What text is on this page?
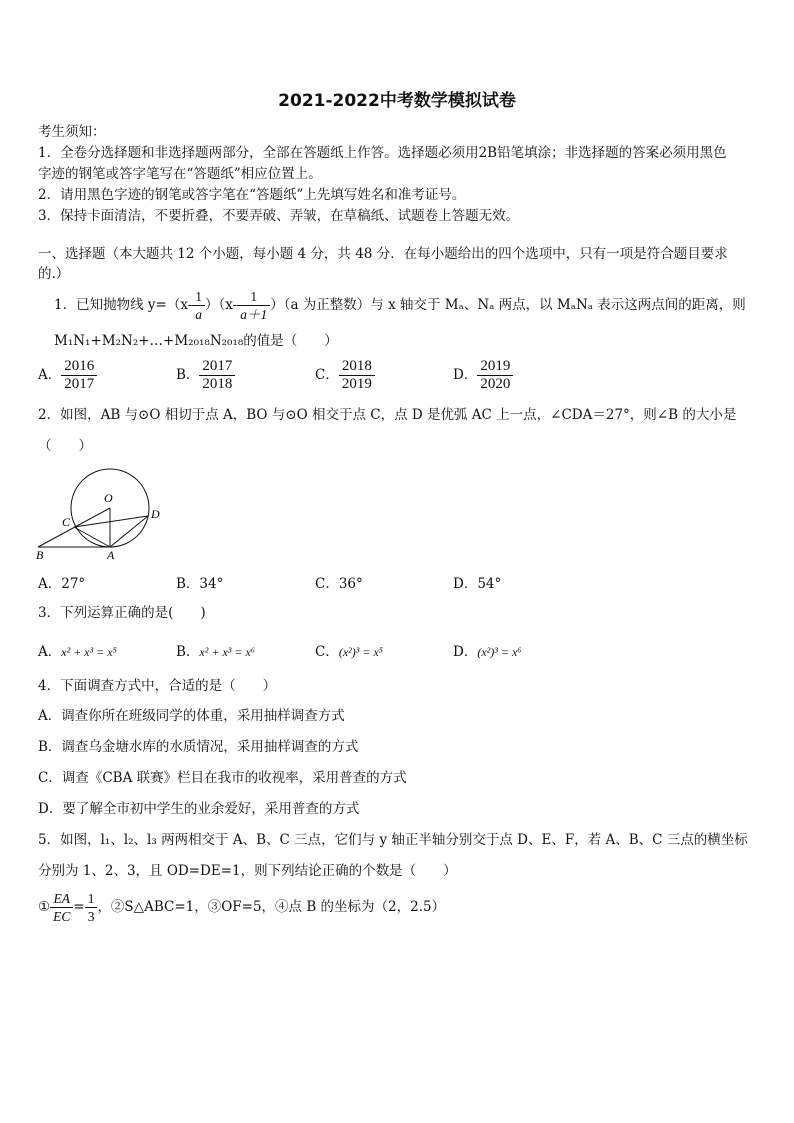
2021-2022中考数学模拟试卷
考生须知：
1．全卷分选择题和非选择题两部分，全部在答题纸上作答。选择题必须用2B铅笔填涂；非选择题的答案必须用黑色
字迹的钢笔或答字笔写在“答题纸”相应位置上。
2．请用黑色字迹的钢笔或答字笔在“答题纸”上先填写姓名和准考证号。
3．保持卡面清洁，不要折叠，不要弄破、弄皱，在草稿纸、试题卷上答题无效。
一、选择题（本大题共 12 个小题，每小题 4 分，共 48 分．在每小题给出的四个选项中，只有一项是符合题目要求
的.）
1．已知抛物线 $y=(x- \frac{1}{a} )(x- \frac{1}{a+1} )(a$ 为正整数）与 x 轴交于 Mₐ、Nₐ 两点，以 MₐNₐ 表示这两点间的距离，则
M₁N₁+M₂N₂+…+M₂₀₁₈N₂₀₁₈的值是（　　）
A． $\frac{2016}{2017}$	B． $\frac{2017}{2018}$	C． $\frac{2018}{2019}$	D． $\frac{2019}{2020}$
2．如图，AB 与⊙O 相切于点 A，BO 与⊙O 相交于点 C，点 D 是优弧 AC 上一点，∠CDA＝27°，则∠B 的大小是
（　　）
O
C
D
B	A
A．27°	B．34°	C．36°	D．54°
3．下列运算正确的是(　　)
A．x² + x³ = x⁵	B．x² + x³ = x⁶	C．(x²)³ = x⁵	D．(x²)³ = x⁶
4．下面调查方式中，合适的是（　　）
A．调查你所在班级同学的体重，采用抽样调查方式
B．调查乌金塘水库的水质情况，采用抽样调查的方式
C．调查《CBA 联赛》栏目在我市的收视率，采用普查的方式
D．要了解全市初中学生的业余爱好，采用普查的方式
5．如图，l₁、l₂、l₃ 两两相交于 A、B、C 三点，它们与 y 轴正半轴分别交于点 D、E、F，若 A、B、C 三点的横坐标
分别为 1、2、3，且 OD=DE=1，则下列结论正确的个数是（　　）
① $\frac{EA}{EC} = \frac{1}{3}$ ，②S△ABC=1，③OF=5，④点 B 的坐标为（2，2.5）
